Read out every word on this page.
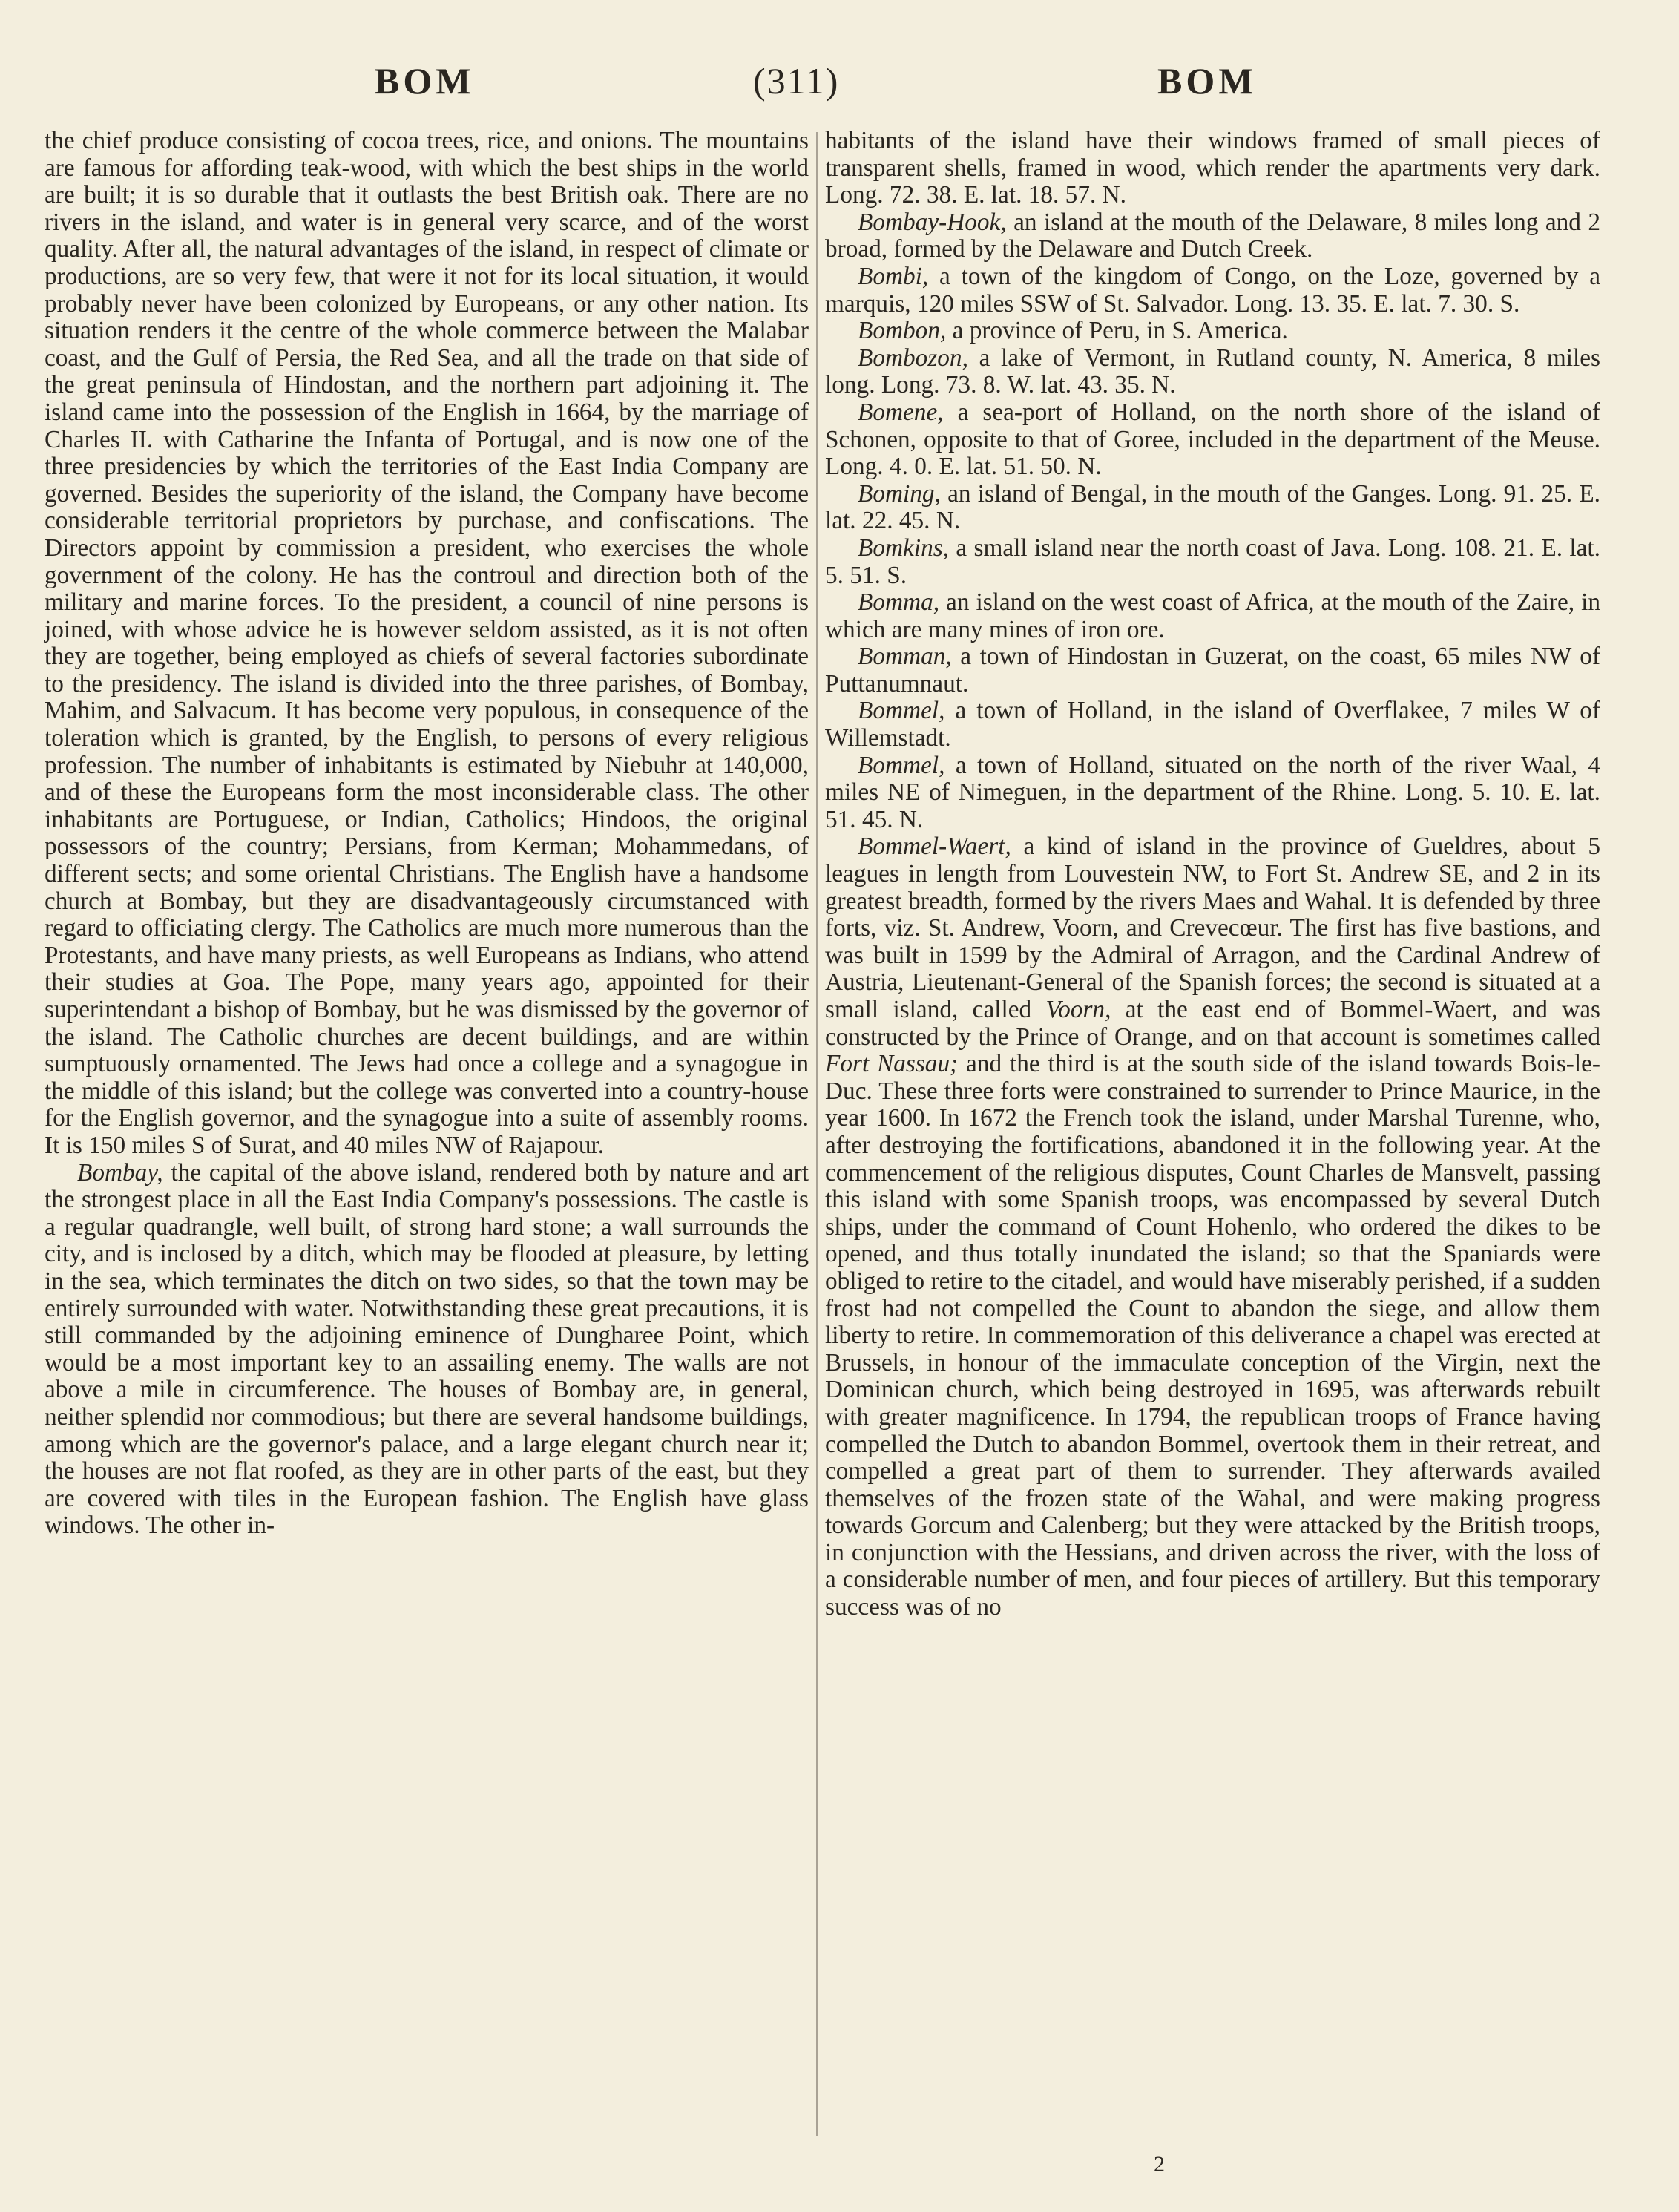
BOM	(311)	BOM

the chief produce consisting of cocoa trees, rice, and onions. The mountains are famous for affording teak-wood, with which the best ships in the world are built; it is so durable that it outlasts the best British oak. There are no rivers in the island, and water is in general very scarce, and of the worst quality. After all, the natural advantages of the island, in respect of climate or productions, are so very few, that were it not for its local situation, it would probably never have been colonized by Europeans, or any other nation. Its situation renders it the centre of the whole commerce between the Malabar coast, and the Gulf of Persia, the Red Sea, and all the trade on that side of the great peninsula of Hindostan, and the northern part adjoining it. The island came into the possession of the English in 1664, by the marriage of Charles II. with Catharine the Infanta of Portugal, and is now one of the three presidencies by which the territories of the East India Company are governed. Besides the superiority of the island, the Company have become considerable territorial proprietors by purchase, and confiscations. The Directors appoint by commission a president, who exercises the whole government of the colony. He has the controul and direction both of the military and marine forces. To the president, a council of nine persons is joined, with whose advice he is however seldom assisted, as it is not often they are together, being employed as chiefs of several factories subordinate to the presidency. The island is divided into the three parishes, of Bombay, Mahim, and Salvacum. It has become very populous, in consequence of the toleration which is granted, by the English, to persons of every religious profession. The number of inhabitants is estimated by Niebuhr at 140,000, and of these the Europeans form the most inconsiderable class. The other inhabitants are Portuguese, or Indian, Catholics; Hindoos, the original possessors of the country; Persians, from Kerman; Mohammedans, of different sects; and some oriental Christians. The English have a handsome church at Bombay, but they are disadvantageously circumstanced with regard to officiating clergy. The Catholics are much more numerous than the Protestants, and have many priests, as well Europeans as Indians, who attend their studies at Goa. The Pope, many years ago, appointed for their superintendant a bishop of Bombay, but he was dismissed by the governor of the island. The Catholic churches are decent buildings, and are within sumptuously ornamented. The Jews had once a college and a synagogue in the middle of this island; but the college was converted into a country-house for the English governor, and the synagogue into a suite of assembly rooms. It is 150 miles S of Surat, and 40 miles NW of Rajapour.

Bombay, the capital of the above island, rendered both by nature and art the strongest place in all the East India Company's possessions. The castle is a regular quadrangle, well built, of strong hard stone; a wall surrounds the city, and is inclosed by a ditch, which may be flooded at pleasure, by letting in the sea, which terminates the ditch on two sides, so that the town may be entirely surrounded with water. Notwithstanding these great precautions, it is still commanded by the adjoining eminence of Dungharee Point, which would be a most important key to an assailing enemy. The walls are not above a mile in circumference. The houses of Bombay are, in general, neither splendid nor commodious; but there are several handsome buildings, among which are the governor's palace, and a large elegant church near it; the houses are not flat roofed, as they are in other parts of the east, but they are covered with tiles in the European fashion. The English have glass windows. The other in-

habitants of the island have their windows framed of small pieces of transparent shells, framed in wood, which render the apartments very dark. Long. 72. 38. E. lat. 18. 57. N.

Bombay-Hook, an island at the mouth of the Delaware, 8 miles long and 2 broad, formed by the Delaware and Dutch Creek.

Bombi, a town of the kingdom of Congo, on the Loze, governed by a marquis, 120 miles SSW of St. Salvador. Long. 13. 35. E. lat. 7. 30. S.

Bombon, a province of Peru, in S. America.

Bombozon, a lake of Vermont, in Rutland county, N. America, 8 miles long. Long. 73. 8. W. lat. 43. 35. N.

Bomene, a sea-port of Holland, on the north shore of the island of Schonen, opposite to that of Goree, included in the department of the Meuse. Long. 4. 0. E. lat. 51. 50. N.

Boming, an island of Bengal, in the mouth of the Ganges. Long. 91. 25. E. lat. 22. 45. N.

Bomkins, a small island near the north coast of Java. Long. 108. 21. E. lat. 5. 51. S.

Bomma, an island on the west coast of Africa, at the mouth of the Zaire, in which are many mines of iron ore.

Bomman, a town of Hindostan in Guzerat, on the coast, 65 miles NW of Puttanumnaut.

Bommel, a town of Holland, in the island of Overflakee, 7 miles W of Willemstadt.

Bommel, a town of Holland, situated on the north of the river Waal, 4 miles NE of Nimeguen, in the department of the Rhine. Long. 5. 10. E. lat. 51. 45. N.

Bommel-Waert, a kind of island in the province of Gueldres, about 5 leagues in length from Louvestein NW, to Fort St. Andrew SE, and 2 in its greatest breadth, formed by the rivers Maes and Wahal. It is defended by three forts, viz. St. Andrew, Voorn, and Crevecœur. The first has five bastions, and was built in 1599 by the Admiral of Arragon, and the Cardinal Andrew of Austria, Lieutenant-General of the Spanish forces; the second is situated at a small island, called Voorn, at the east end of Bommel-Waert, and was constructed by the Prince of Orange, and on that account is sometimes called Fort Nassau; and the third is at the south side of the island towards Bois-le-Duc. These three forts were constrained to surrender to Prince Maurice, in the year 1600. In 1672 the French took the island, under Marshal Turenne, who, after destroying the fortifications, abandoned it in the following year. At the commencement of the religious disputes, Count Charles de Mansvelt, passing this island with some Spanish troops, was encompassed by several Dutch ships, under the command of Count Hohenlo, who ordered the dikes to be opened, and thus totally inundated the island; so that the Spaniards were obliged to retire to the citadel, and would have miserably perished, if a sudden frost had not compelled the Count to abandon the siege, and allow them liberty to retire. In commemoration of this deliverance a chapel was erected at Brussels, in honour of the immaculate conception of the Virgin, next the Dominican church, which being destroyed in 1695, was afterwards rebuilt with greater magnificence. In 1794, the republican troops of France having compelled the Dutch to abandon Bommel, overtook them in their retreat, and compelled a great part of them to surrender. They afterwards availed themselves of the frozen state of the Wahal, and were making progress towards Gorcum and Calenberg; but they were attacked by the British troops, in conjunction with the Hessians, and driven across the river, with the loss of a considerable number of men, and four pieces of artillery. But this temporary success was of no

2
